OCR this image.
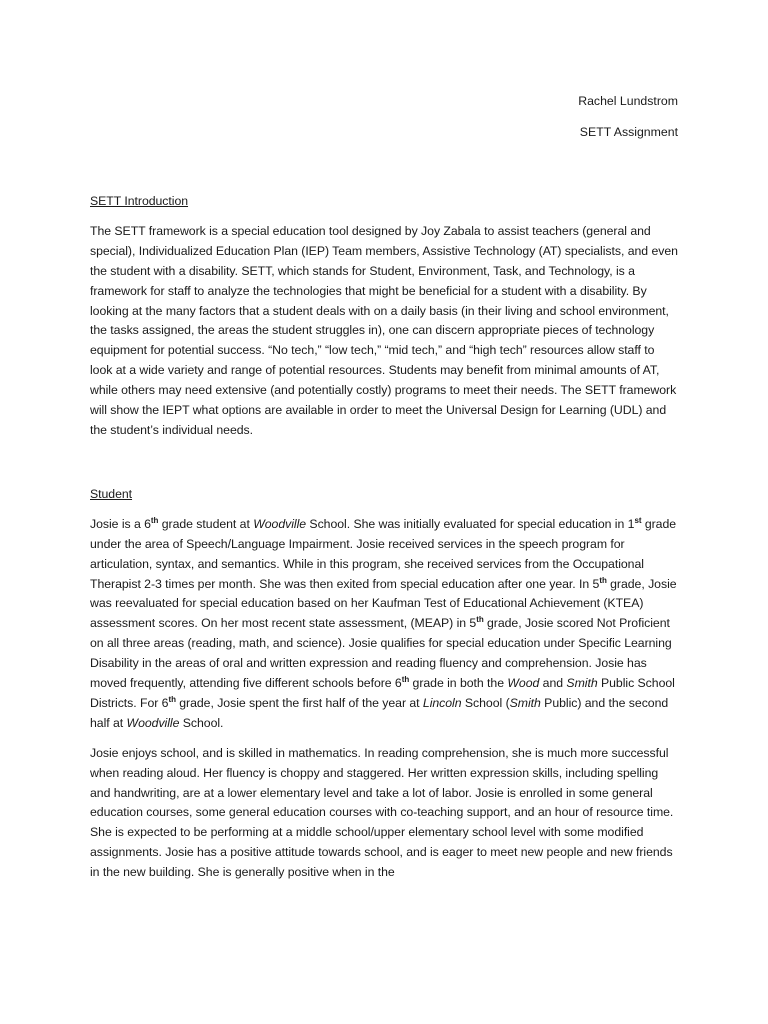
Rachel Lundstrom
SETT Assignment

SETT Introduction

The SETT framework is a special education tool designed by Joy Zabala to assist teachers (general and special), Individualized Education Plan (IEP) Team members, Assistive Technology (AT) specialists, and even the student with a disability. SETT, which stands for Student, Environment, Task, and Technology, is a framework for staff to analyze the technologies that might be beneficial for a student with a disability. By looking at the many factors that a student deals with on a daily basis (in their living and school environment, the tasks assigned, the areas the student struggles in), one can discern appropriate pieces of technology equipment for potential success. “No tech,” “low tech,” “mid tech,” and “high tech” resources allow staff to look at a wide variety and range of potential resources. Students may benefit from minimal amounts of AT, while others may need extensive (and potentially costly) programs to meet their needs. The SETT framework will show the IEPT what options are available in order to meet the Universal Design for Learning (UDL) and the student’s individual needs.

Student

Josie is a 6th grade student at Woodville School. She was initially evaluated for special education in 1st grade under the area of Speech/Language Impairment. Josie received services in the speech program for articulation, syntax, and semantics. While in this program, she received services from the Occupational Therapist 2-3 times per month. She was then exited from special education after one year. In 5th grade, Josie was reevaluated for special education based on her Kaufman Test of Educational Achievement (KTEA) assessment scores. On her most recent state assessment, (MEAP) in 5th grade, Josie scored Not Proficient on all three areas (reading, math, and science). Josie qualifies for special education under Specific Learning Disability in the areas of oral and written expression and reading fluency and comprehension. Josie has moved frequently, attending five different schools before 6th grade in both the Wood and Smith Public School Districts. For 6th grade, Josie spent the first half of the year at Lincoln School (Smith Public) and the second half at Woodville School.

Josie enjoys school, and is skilled in mathematics. In reading comprehension, she is much more successful when reading aloud. Her fluency is choppy and staggered. Her written expression skills, including spelling and handwriting, are at a lower elementary level and take a lot of labor. Josie is enrolled in some general education courses, some general education courses with co-teaching support, and an hour of resource time. She is expected to be performing at a middle school/upper elementary school level with some modified assignments. Josie has a positive attitude towards school, and is eager to meet new people and new friends in the new building. She is generally positive when in the
